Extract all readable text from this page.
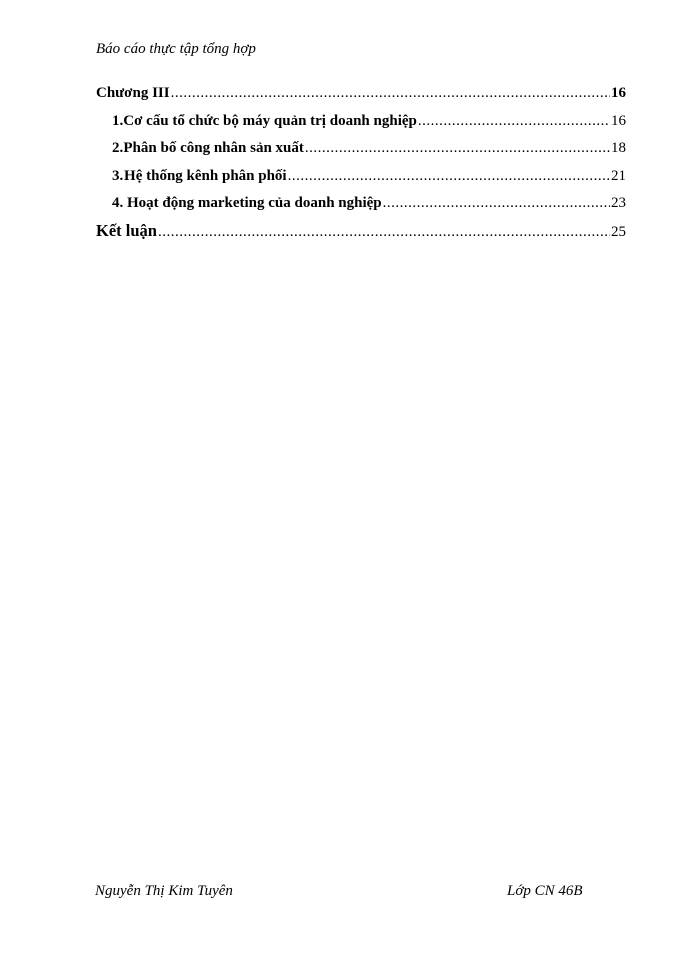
Báo cáo thực tập tổng hợp
Chương III .....	16
1. Cơ cấu tổ chức bộ máy quản trị doanh nghiệp .....	16
2. Phân bố công nhân sản xuất .....	18
3. Hệ thống kênh phân phối .....	21
4. Hoạt động marketing của doanh nghiệp .....	23
Kết luận .....	25
Nguyễn Thị Kim Tuyên	Lớp CN 46B
